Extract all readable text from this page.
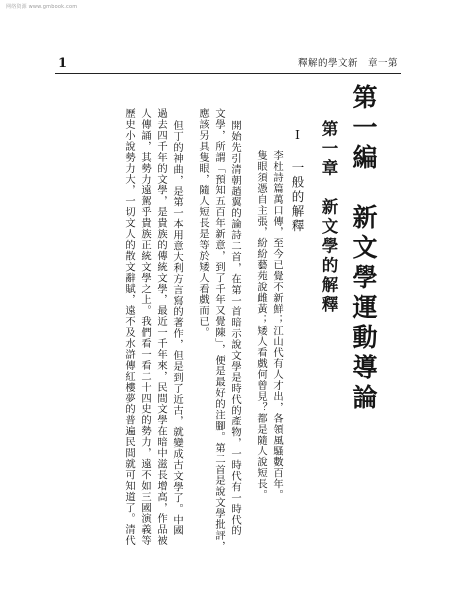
网络资源 www.gmbook.com
1	釋解的學文新　章一第
第一編　新文學運動導論
第一章　新文學的解釋
I 一般的解釋
李杜詩篇萬口傳，至今已覺不新鮮；江山代有人才出，各領風騷數百年。
隻眼須憑自主張，紛紛藝苑說雌黃；矮人看戲何曾見？都是隨人說短長。
開始先引清朝趙翼的論詩二首，在第一首暗示說文學是時代的產物，一時代有一時代的
文學，所謂「預知五百年新意，到了千年又覺陳」，便是最好的注腳。第二首是說文學批評，
應該另具隻眼，隨人短長是等於矮人看戲而已。
但丁的神曲，是第一本用意大利方言寫的著作，但是到了近古，就變成古文學了。中國
過去四千年的文學，是貴族的傳統文學，最近一千年來，民間文學在暗中滋長增高，作品被
人傳誦，其勢力遠駕乎貴族正統文學之上。我們看一看二十四史的勢力，遠不如三國演義等
歷史小說勢力大，一切文人的散文辭賦，遠不及水滸傳紅樓夢的普遍民間就可知道了。清代
